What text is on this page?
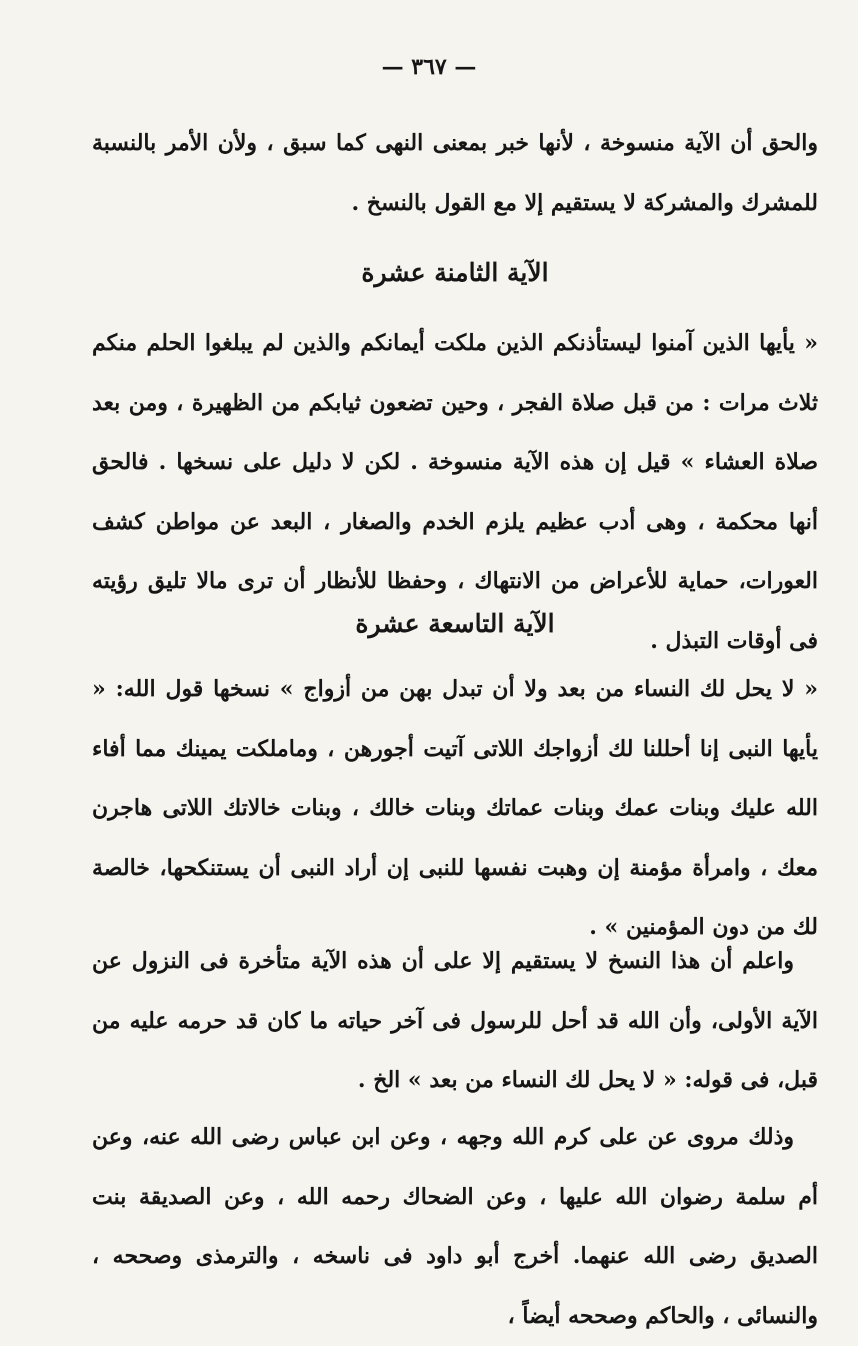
— ٣٦٧ —

والحق أن الآية منسوخة ، لأنها خبر بمعنى النهى كما سبق ، ولأن الأمر بالنسبة للمشرك والمشركة لا يستقيم إلا مع القول بالنسخ .

الآية الثامنة عشرة

« يأيها الذين آمنوا ليستأذنكم الذين ملكت أيمانكم والذين لم يبلغوا الحلم منكم ثلاث مرات : من قبل صلاة الفجر ، وحين تضعون ثيابكم من الظهيرة ، ومن بعد صلاة العشاء » قيل إن هذه الآية منسوخة . لكن لا دليل على نسخها . فالحق أنها محكمة ، وهى أدب عظيم يلزم الخدم والصغار ، البعد عن مواطن كشف العورات، حماية للأعراض من الانتهاك ، وحفظا للأنظار أن ترى مالا تليق رؤيته فى أوقات التبذل .

الآية التاسعة عشرة

« لا يحل لك النساء من بعد ولا أن تبدل بهن من أزواج » نسخها قول الله: « يأيها النبى إنا أحللنا لك أزواجك اللاتى آتيت أجورهن ، وماملكت يمينك مما أفاء الله عليك وبنات عمك وبنات عماتك وبنات خالك ، وبنات خالاتك اللاتى هاجرن معك ، وامرأة مؤمنة إن وهبت نفسها للنبى إن أراد النبى أن يستنكحها، خالصة لك من دون المؤمنين » .

واعلم أن هذا النسخ لا يستقيم إلا على أن هذه الآية متأخرة فى النزول عن الآية الأولى، وأن الله قد أحل للرسول فى آخر حياته ما كان قد حرمه عليه من قبل، فى قوله: « لا يحل لك النساء من بعد » الخ .

وذلك مروى عن على كرم الله وجهه ، وعن ابن عباس رضى الله عنه، وعن أم سلمة رضوان الله عليها ، وعن الضحاك رحمه الله ، وعن الصديقة بنت الصديق رضى الله عنهما. أخرج أبو داود فى ناسخه ، والترمذى وصححه ، والنسائى ، والحاكم وصححه أيضاً ،
